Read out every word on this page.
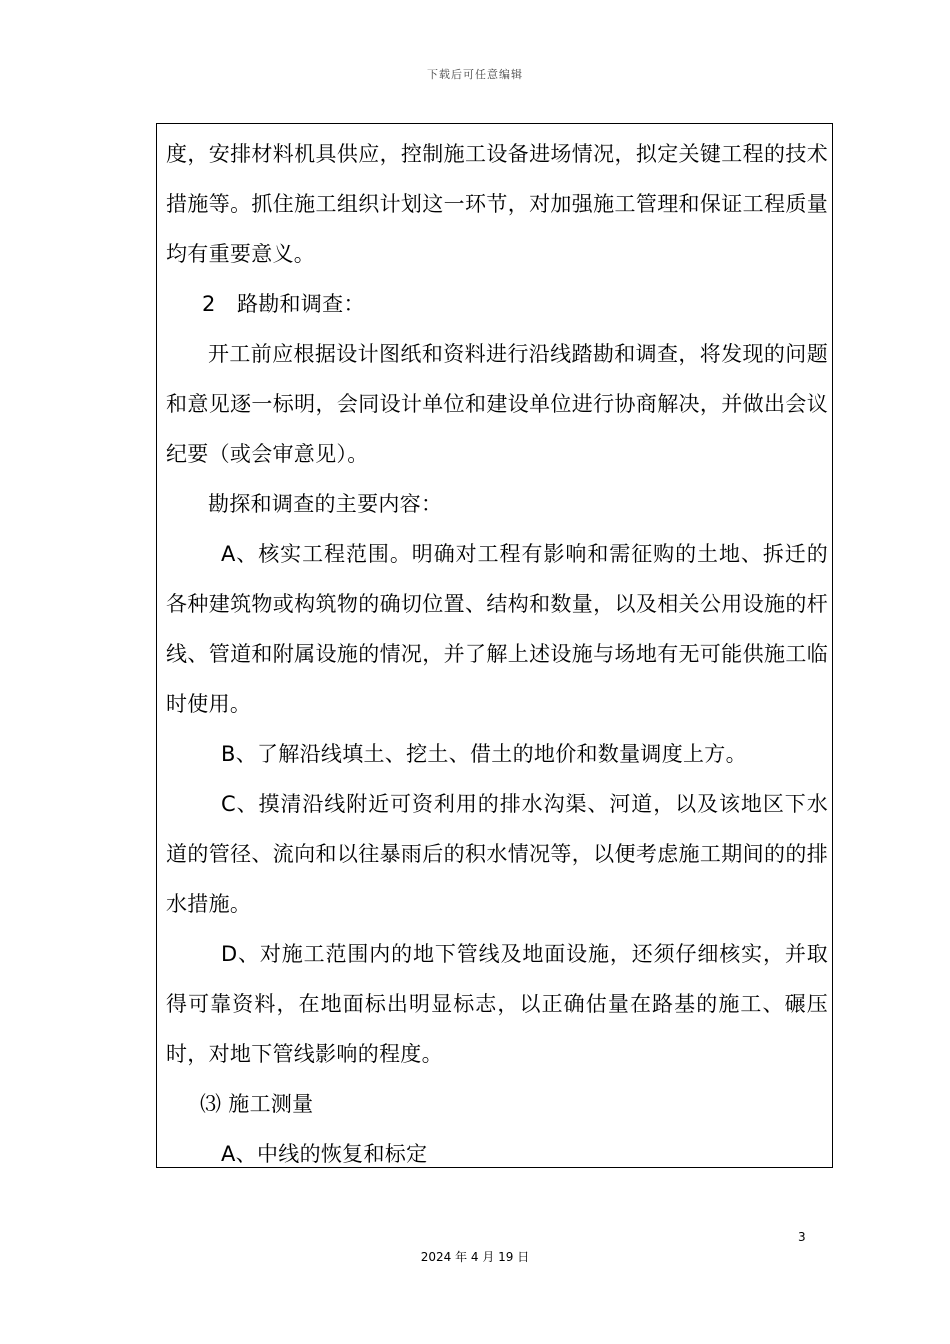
下载后可任意编辑

度，安排材料机具供应，控制施工设备进场情况，拟定关键工程的技术措施等。抓住施工组织计划这一环节，对加强施工管理和保证工程质量均有重要意义。

2　路勘和调查：

开工前应根据设计图纸和资料进行沿线踏勘和调查，将发现的问题和意见逐一标明，会同设计单位和建设单位进行协商解决，并做出会议纪要（或会审意见）。

勘探和调查的主要内容：

A、核实工程范围。明确对工程有影响和需征购的土地、拆迁的各种建筑物或构筑物的确切位置、结构和数量，以及相关公用设施的杆线、管道和附属设施的情况，并了解上述设施与场地有无可能供施工临时使用。

B、了解沿线填土、挖土、借土的地价和数量调度上方。

C、摸清沿线附近可资利用的排水沟渠、河道，以及该地区下水道的管径、流向和以往暴雨后的积水情况等，以便考虑施工期间的的排水措施。

D、对施工范围内的地下管线及地面设施，还须仔细核实，并取得可靠资料，在地面标出明显标志，以正确估量在路基的施工、碾压时，对地下管线影响的程度。

⑶ 施工测量

A、中线的恢复和标定

3
2024 年 4 月 19 日
